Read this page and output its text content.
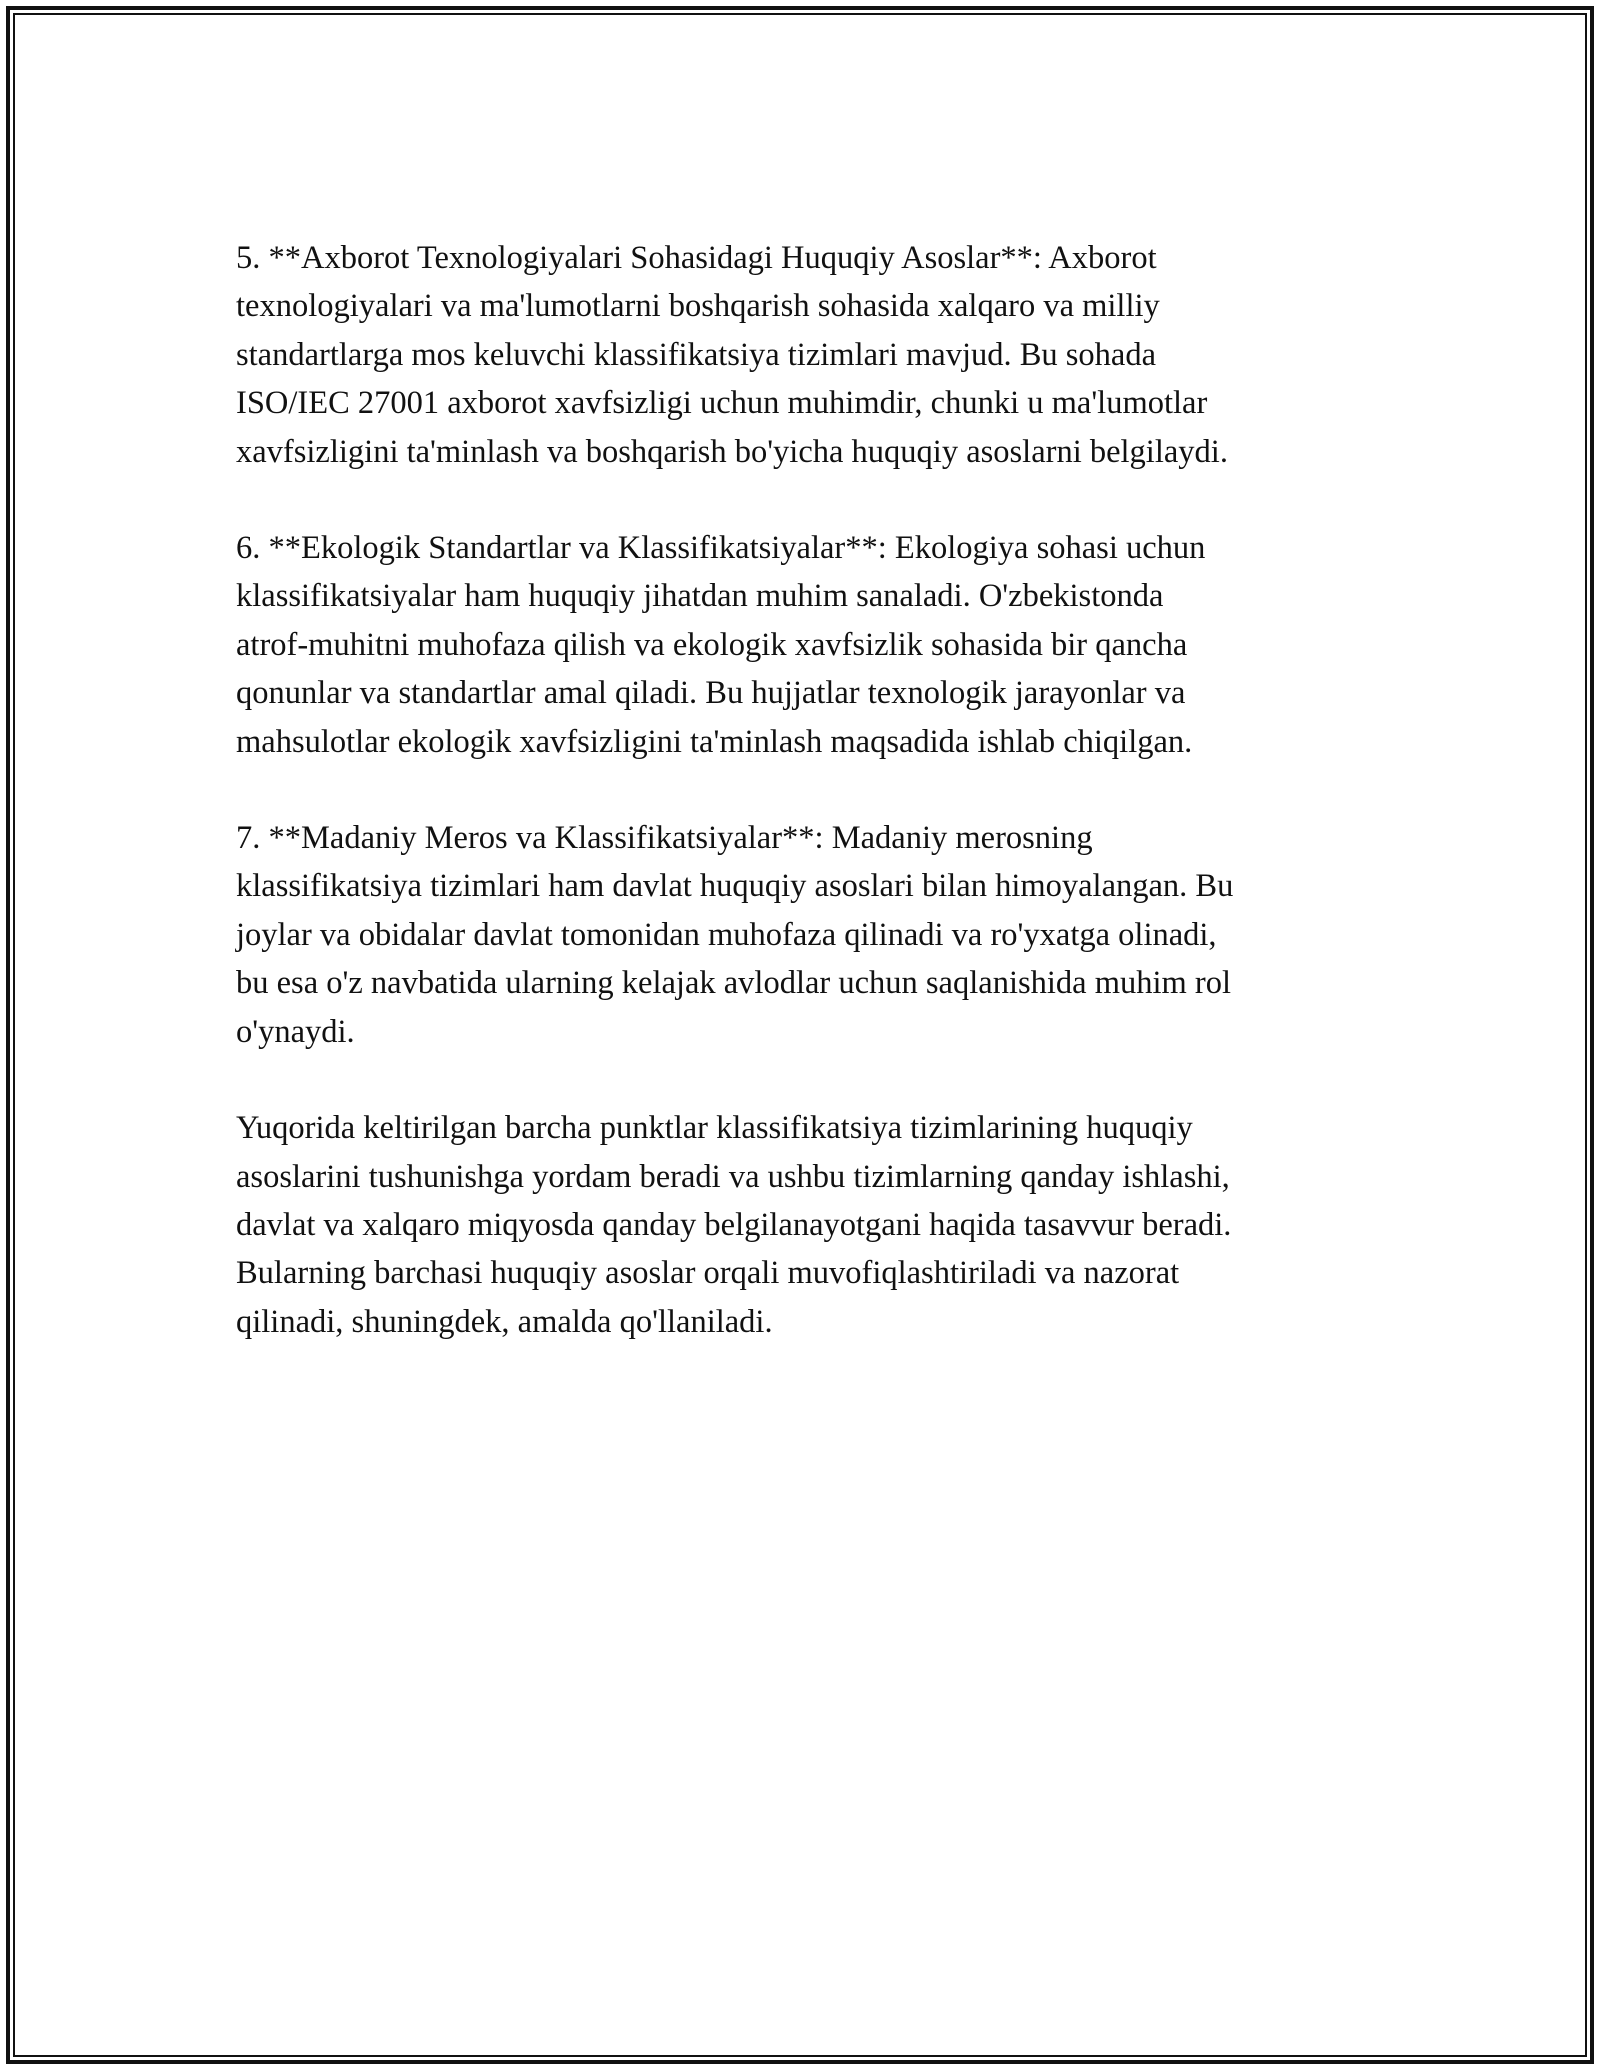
5. **Axborot Texnologiyalari Sohasidagi Huquqiy Asoslar**: Axborot
texnologiyalari va ma'lumotlarni boshqarish sohasida xalqaro va milliy
standartlarga mos keluvchi klassifikatsiya tizimlari mavjud. Bu sohada
ISO/IEC 27001 axborot xavfsizligi uchun muhimdir, chunki u ma'lumotlar
xavfsizligini ta'minlash va boshqarish bo'yicha huquqiy asoslarni belgilaydi.

6. **Ekologik Standartlar va Klassifikatsiyalar**: Ekologiya sohasi uchun
klassifikatsiyalar ham huquqiy jihatdan muhim sanaladi. O'zbekistonda
atrof-muhitni muhofaza qilish va ekologik xavfsizlik sohasida bir qancha
qonunlar va standartlar amal qiladi. Bu hujjatlar texnologik jarayonlar va
mahsulotlar ekologik xavfsizligini ta'minlash maqsadida ishlab chiqilgan.

7. **Madaniy Meros va Klassifikatsiyalar**: Madaniy merosning
klassifikatsiya tizimlari ham davlat huquqiy asoslari bilan himoyalangan. Bu
joylar va obidalar davlat tomonidan muhofaza qilinadi va ro'yxatga olinadi,
bu esa o'z navbatida ularning kelajak avlodlar uchun saqlanishida muhim rol
o'ynaydi.

Yuqorida keltirilgan barcha punktlar klassifikatsiya tizimlarining huquqiy
asoslarini tushunishga yordam beradi va ushbu tizimlarning qanday ishlashi,
davlat va xalqaro miqyosda qanday belgilanayotgani haqida tasavvur beradi.
Bularning barchasi huquqiy asoslar orqali muvofiqlashtiriladi va nazorat
qilinadi, shuningdek, amalda qo'llaniladi.
